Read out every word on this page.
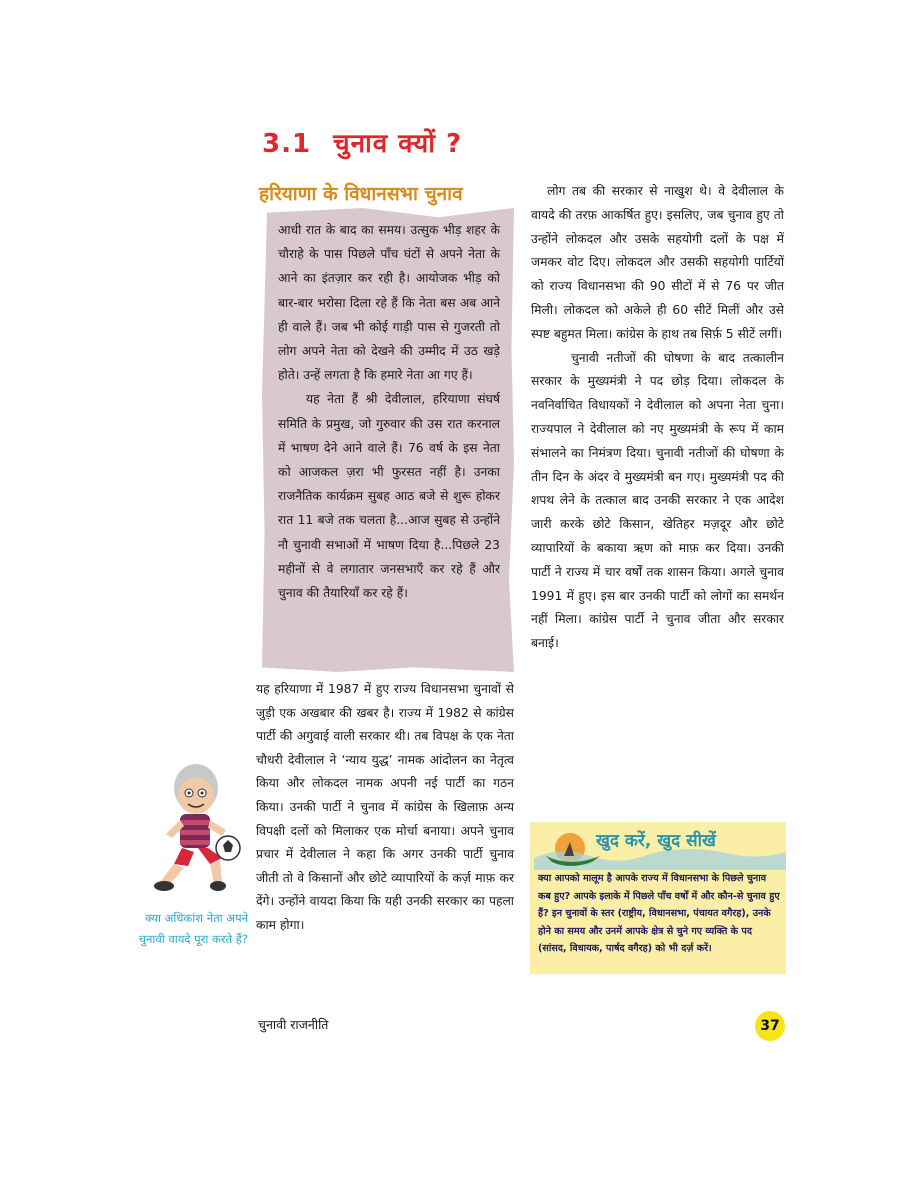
3.1 चुनाव क्यों ?
हरियाणा के विधानसभा चुनाव

आधी रात के बाद का समय। उत्सुक भीड़ शहर के चौराहे के पास पिछले पाँच घंटों से अपने नेता के आने का इंतज़ार कर रही है। आयोजक भीड़ को बार-बार भरोसा दिला रहे हैं कि नेता बस अब आने ही वाले हैं। जब भी कोई गाड़ी पास से गुजरती तो लोग अपने नेता को देखने की उम्मीद में उठ खड़े होते। उन्हें लगता है कि हमारे नेता आ गए हैं।

यह नेता हैं श्री देवीलाल, हरियाणा संघर्ष समिति के प्रमुख, जो गुरुवार की उस रात करनाल में भाषण देने आने वाले हैं। 76 वर्ष के इस नेता को आजकल ज़रा भी फुरसत नहीं है। उनका राजनैतिक कार्यक्रम सुबह आठ बजे से शुरू होकर रात 11 बजे तक चलता है...आज सुबह से उन्होंने नौ चुनावी सभाओं में भाषण दिया है...पिछले 23 महीनों से वे लगातार जनसभाएँ कर रहे हैं और चुनाव की तैयारियाँ कर रहे हैं।

यह हरियाणा में 1987 में हुए राज्य विधानसभा चुनावों से जुड़ी एक अखबार की खबर है। राज्य में 1982 से कांग्रेस पार्टी की अगुवाई वाली सरकार थी। तब विपक्ष के एक नेता चौधरी देवीलाल ने ‘न्याय युद्ध’ नामक आंदोलन का नेतृत्व किया और लोकदल नामक अपनी नई पार्टी का गठन किया। उनकी पार्टी ने चुनाव में कांग्रेस के खिलाफ़ अन्य विपक्षी दलों को मिलाकर एक मोर्चा बनाया। अपने चुनाव प्रचार में देवीलाल ने कहा कि अगर उनकी पार्टी चुनाव जीती तो वे किसानों और छोटे व्यापारियों के कर्ज़ माफ़ कर देंगे। उन्होंने वायदा किया कि यही उनकी सरकार का पहला काम होगा।

लोग तब की सरकार से नाखुश थे। वे देवीलाल के वायदे की तरफ़ आकर्षित हुए। इसलिए, जब चुनाव हुए तो उन्होंने लोकदल और उसके सहयोगी दलों के पक्ष में जमकर वोट दिए। लोकदल और उसकी सहयोगी पार्टियों को राज्य विधानसभा की 90 सीटों में से 76 पर जीत मिली। लोकदल को अकेले ही 60 सीटें मिलीं और उसे स्पष्ट बहुमत मिला। कांग्रेस के हाथ तब सिर्फ़ 5 सीटें लगीं।

चुनावी नतीजों की घोषणा के बाद तत्कालीन सरकार के मुख्यमंत्री ने पद छोड़ दिया। लोकदल के नवनिर्वाचित विधायकों ने देवीलाल को अपना नेता चुना। राज्यपाल ने देवीलाल को नए मुख्यमंत्री के रूप में काम संभालने का निमंत्रण दिया। चुनावी नतीजों की घोषणा के तीन दिन के अंदर वे मुख्यमंत्री बन गए। मुख्यमंत्री पद की शपथ लेने के तत्काल बाद उनकी सरकार ने एक आदेश जारी करके छोटे किसान, खेतिहर मज़दूर और छोटे व्यापारियों के बकाया ऋण को माफ़ कर दिया। उनकी पार्टी ने राज्य में चार वर्षों तक शासन किया। अगले चुनाव 1991 में हुए। इस बार उनकी पार्टी को लोगों का समर्थन नहीं मिला। कांग्रेस पार्टी ने चुनाव जीता और सरकार बनाई।

क्या अधिकांश नेता अपने चुनावी वायदे पूरा करते हैं?
खुद करें, खुद सीखें
क्या आपको मालूम है आपके राज्य में विधानसभा के पिछले चुनाव कब हुए? आपके इलाके में पिछले पाँच वर्षों में और कौन-से चुनाव हुए हैं? इन चुनावों के स्तर (राष्ट्रीय, विधानसभा, पंचायत वगैरह), उनके होने का समय और उनमें आपके क्षेत्र से चुने गए व्यक्ति के पद (सांसद, विधायक, पार्षद वगैरह) को भी दर्ज़ करें।
चुनावी राजनीति	37
